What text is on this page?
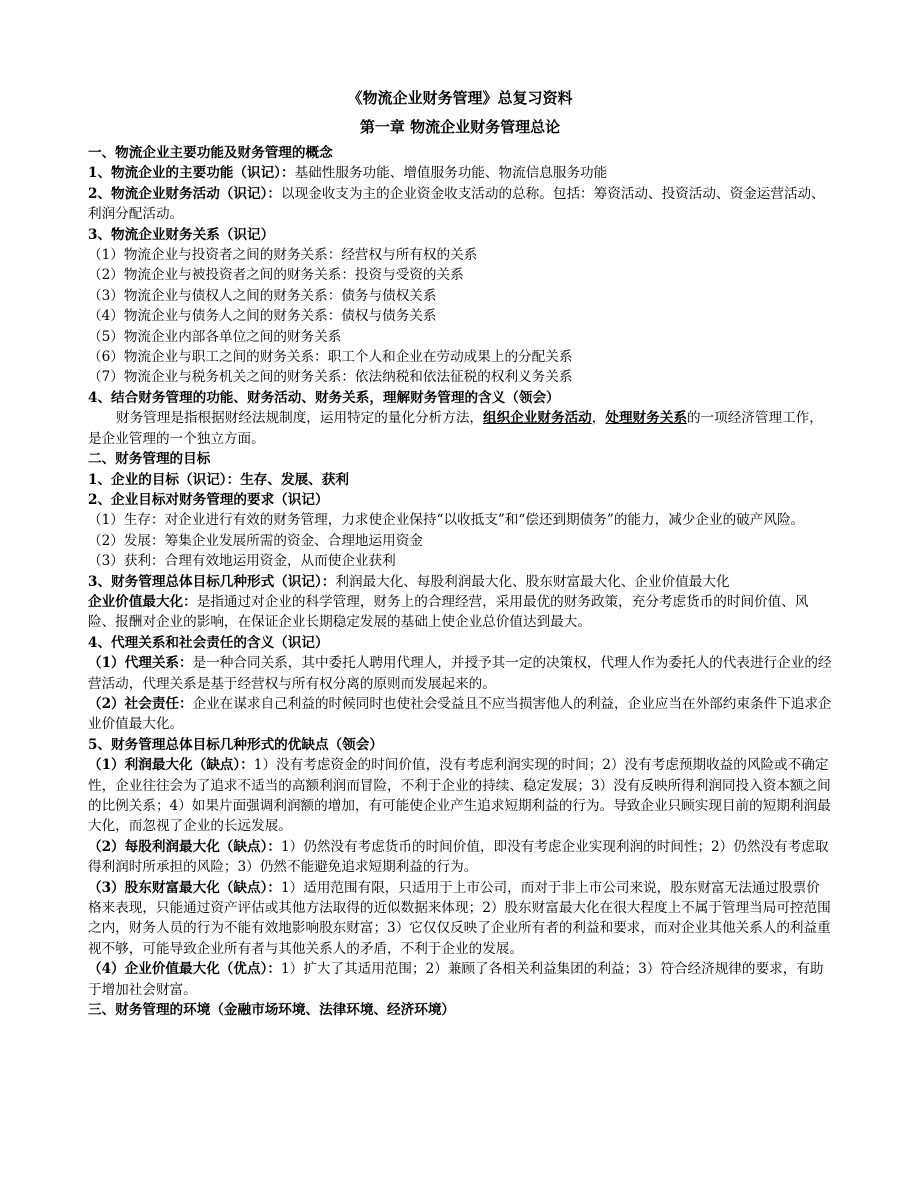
《物流企业财务管理》总复习资料

第一章 物流企业财务管理总论

一、物流企业主要功能及财务管理的概念

1、物流企业的主要功能（识记）：基础性服务功能、增值服务功能、物流信息服务功能

2、物流企业财务活动（识记）：以现金收支为主的企业资金收支活动的总称。包括：筹资活动、投资活动、资金运营活动、利润分配活动。

3、物流企业财务关系（识记）

（1）物流企业与投资者之间的财务关系：经营权与所有权的关系

（2）物流企业与被投资者之间的财务关系：投资与受资的关系

（3）物流企业与债权人之间的财务关系：债务与债权关系

（4）物流企业与债务人之间的财务关系：债权与债务关系

（5）物流企业内部各单位之间的财务关系

（6）物流企业与职工之间的财务关系：职工个人和企业在劳动成果上的分配关系

（7）物流企业与税务机关之间的财务关系：依法纳税和依法征税的权利义务关系

4、结合财务管理的功能、财务活动、财务关系，理解财务管理的含义（领会）

财务管理是指根据财经法规制度，运用特定的量化分析方法，组织企业财务活动，处理财务关系的一项经济管理工作，是企业管理的一个独立方面。

二、财务管理的目标

1、企业的目标（识记）：生存、发展、获利

2、企业目标对财务管理的要求（识记）

（1）生存：对企业进行有效的财务管理，力求使企业保持“以收抵支”和“偿还到期债务”的能力，减少企业的破产风险。

（2）发展：筹集企业发展所需的资金、合理地运用资金

（3）获利：合理有效地运用资金，从而使企业获利

3、财务管理总体目标几种形式（识记）：利润最大化、每股利润最大化、股东财富最大化、企业价值最大化

企业价值最大化：是指通过对企业的科学管理，财务上的合理经营，采用最优的财务政策，充分考虑货币的时间价值、风险、报酬对企业的影响，在保证企业长期稳定发展的基础上使企业总价值达到最大。

4、代理关系和社会责任的含义（识记）

（1）代理关系：是一种合同关系，其中委托人聘用代理人，并授予其一定的决策权，代理人作为委托人的代表进行企业的经营活动，代理关系是基于经营权与所有权分离的原则而发展起来的。

（2）社会责任：企业在谋求自己利益的时候同时也使社会受益且不应当损害他人的利益，企业应当在外部约束条件下追求企业价值最大化。

5、财务管理总体目标几种形式的优缺点（领会）

（1）利润最大化（缺点）：1）没有考虑资金的时间价值，没有考虑利润实现的时间；2）没有考虑预期收益的风险或不确定性，企业往往会为了追求不适当的高额利润而冒险，不利于企业的持续、稳定发展；3）没有反映所得利润同投入资本额之间的比例关系；4）如果片面强调利润额的增加，有可能使企业产生追求短期利益的行为。导致企业只顾实现目前的短期利润最大化，而忽视了企业的长远发展。

（2）每股利润最大化（缺点）：1）仍然没有考虑货币的时间价值，即没有考虑企业实现利润的时间性；2）仍然没有考虑取得利润时所承担的风险；3）仍然不能避免追求短期利益的行为。

（3）股东财富最大化（缺点）：1）适用范围有限，只适用于上市公司，而对于非上市公司来说，股东财富无法通过股票价格来表现，只能通过资产评估或其他方法取得的近似数据来体现；2）股东财富最大化在很大程度上不属于管理当局可控范围之内，财务人员的行为不能有效地影响股东财富；3）它仅仅反映了企业所有者的利益和要求，而对企业其他关系人的利益重视不够，可能导致企业所有者与其他关系人的矛盾，不利于企业的发展。

（4）企业价值最大化（优点）：1）扩大了其适用范围；2）兼顾了各相关利益集团的利益；3）符合经济规律的要求，有助于增加社会财富。

三、财务管理的环境（金融市场环境、法律环境、经济环境）
